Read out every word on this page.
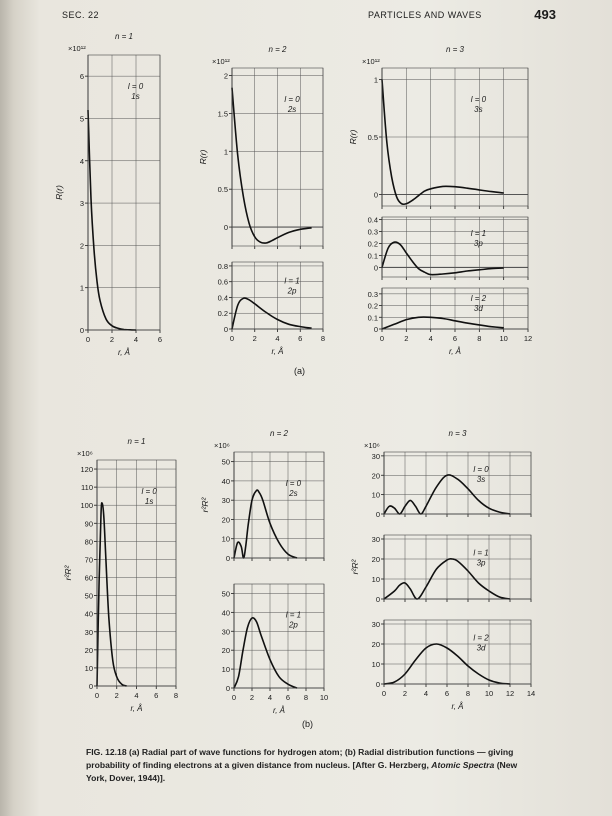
SEC. 22	PARTICLES AND WAVES	493
0
1
2
3
4
5
6
0	2	4	6
r, Å
n = 1
×10¹²
R(r)
l = 0
1s
0
0.5
1
1.5
2
n = 2
×10¹²
R(r)
l = 0
2s
0
0.2
0.4
0.6
0.8
0 2 4 6 8
r, Å
l = 1
2p
0
0.5
1
n = 3
×10¹²
R(r)
l = 0
3s
0
0.1
0.2
0.3
0.4
l = 1
3p
0
0.1
0.2
0.3
0	2	4	6	8 10 12
r, Å
l = 2
3d
0
10
20
30
40
50
60
70
80
90
100
110
120
0 2 4 6 8
r, Å
n = 1
×10⁶
r²R²
l = 0
1s
0
10
20
30
40
50
n = 2
×10⁶
r²R²
l = 0
2s
0
10
20
30
40
50
0 2 4 6 8 10
r, Å
l = 1
2p
0
10
20
30
n = 3
×10⁶
l = 0
3s
0
10
20
30
r²R²
l = 1
3p
0
10
20
30
0 2 4 6 8 10 12 14
r, Å
l = 2
3d
(a)
(b)
FIG. 12.18 (a) Radial part of wave functions for hydrogen atom; (b) Radial distribution functions — giving probability of finding electrons at a given distance from nucleus. [After G. Herzberg, Atomic Spectra (New York, Dover, 1944)].
